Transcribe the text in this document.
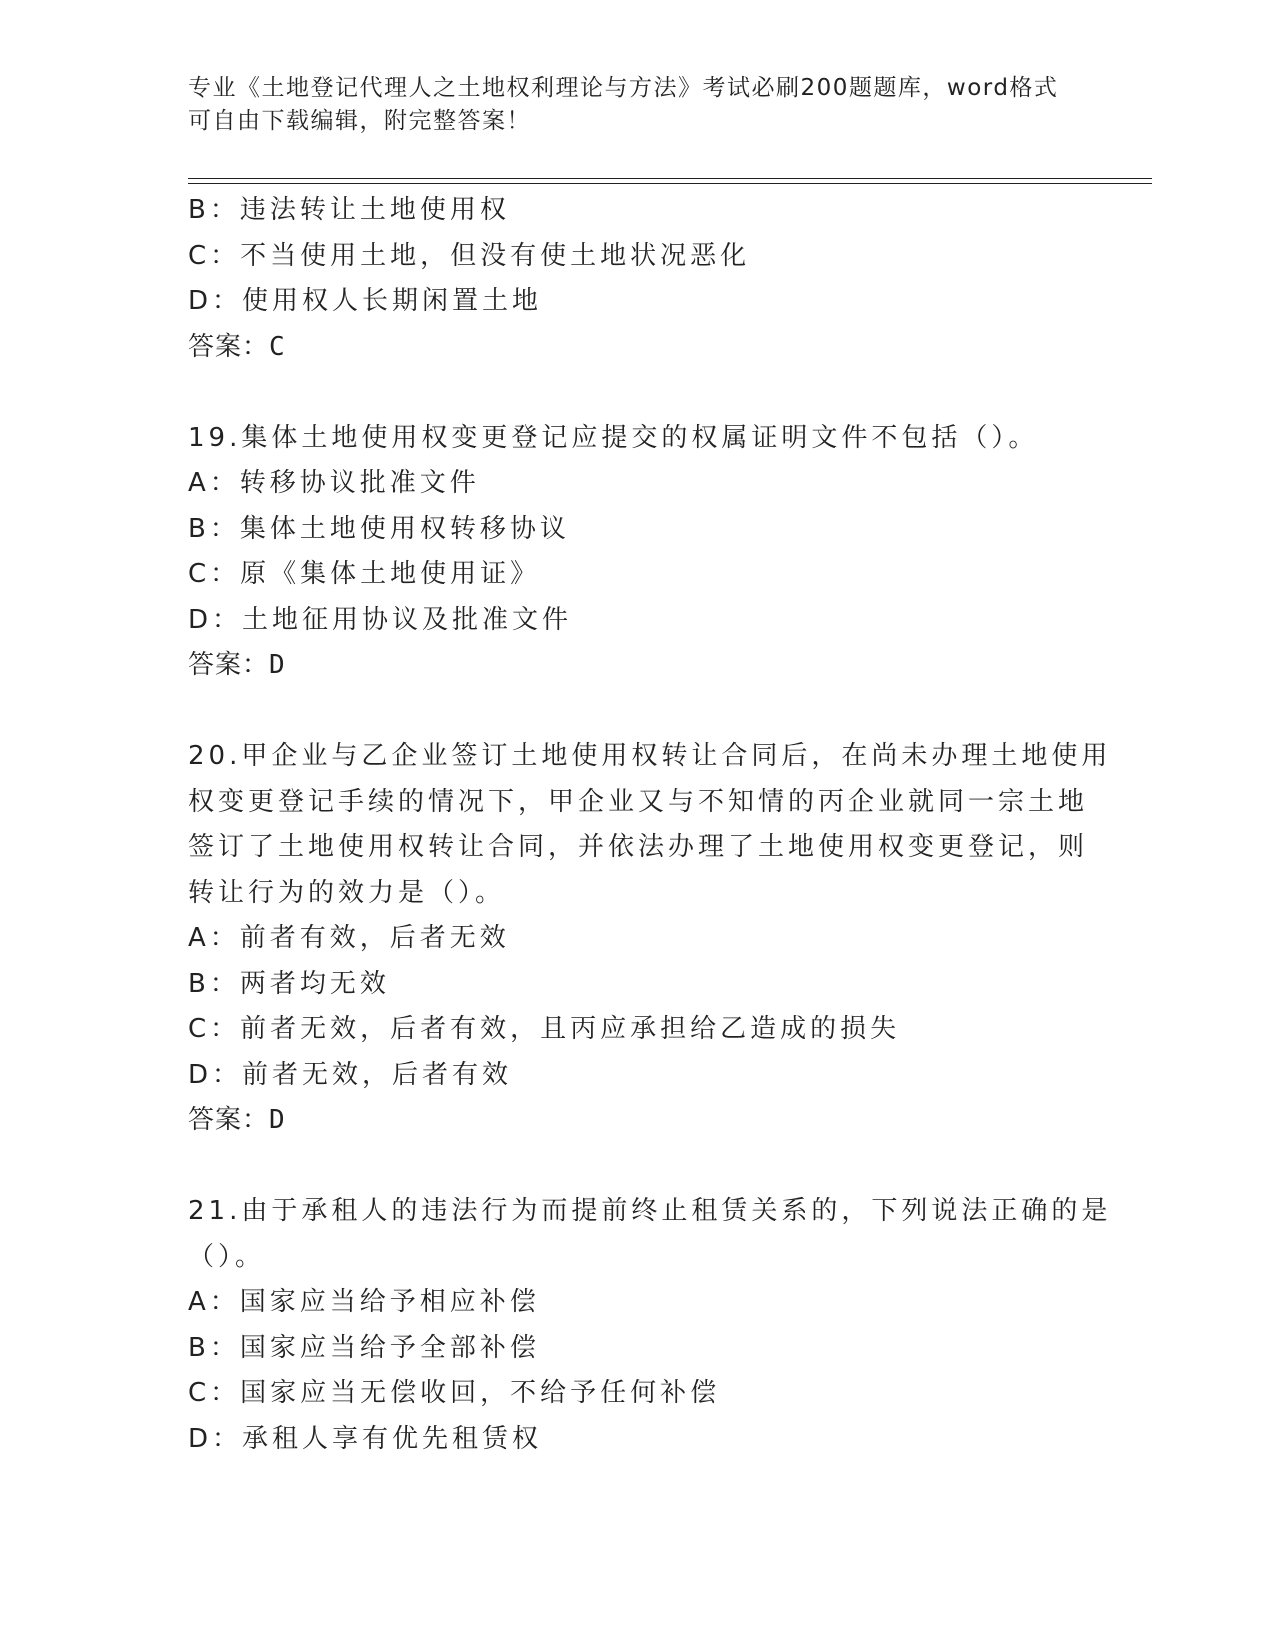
专业《土地登记代理人之土地权利理论与方法》考试必刷200题题库，word格式
可自由下载编辑，附完整答案！
B：违法转让土地使用权
C：不当使用土地，但没有使土地状况恶化
D：使用权人长期闲置土地
答案：C
19.集体土地使用权变更登记应提交的权属证明文件不包括（）。
A：转移协议批准文件
B：集体土地使用权转移协议
C：原《集体土地使用证》
D：土地征用协议及批准文件
答案：D
20.甲企业与乙企业签订土地使用权转让合同后，在尚未办理土地使用
权变更登记手续的情况下，甲企业又与不知情的丙企业就同一宗土地
签订了土地使用权转让合同，并依法办理了土地使用权变更登记，则
转让行为的效力是（）。
A：前者有效，后者无效
B：两者均无效
C：前者无效，后者有效，且丙应承担给乙造成的损失
D：前者无效，后者有效
答案：D
21.由于承租人的违法行为而提前终止租赁关系的，下列说法正确的是
（）。
A：国家应当给予相应补偿
B：国家应当给予全部补偿
C：国家应当无偿收回，不给予任何补偿
D：承租人享有优先租赁权
